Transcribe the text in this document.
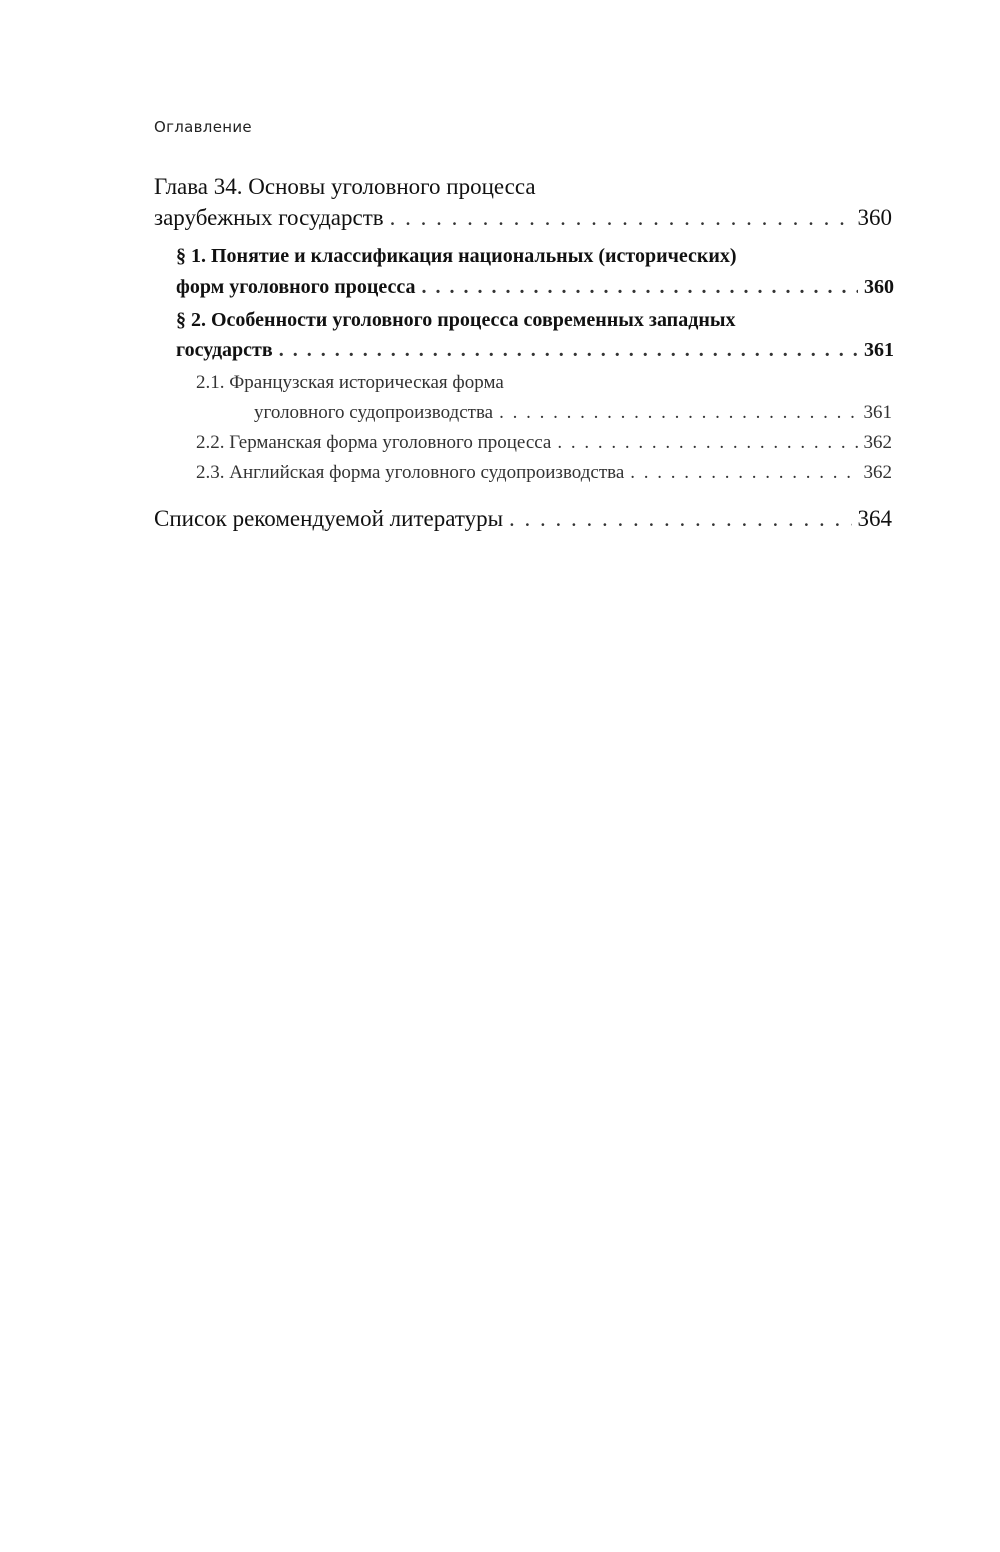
Оглавление
Глава 34. Основы уголовного процесса
зарубежных государств . . .	360
§ 1. Понятие и классификация национальных (исторических)
форм уголовного процесса . . .	360
§ 2. Особенности уголовного процесса современных западных
государств . . .	361
2.1. Французская историческая форма
уголовного судопроизводства . . .	361
2.2. Германская форма уголовного процесса . . .	362
2.3. Английская форма уголовного судопроизводства . . .	362
Список рекомендуемой литературы . . .	364
